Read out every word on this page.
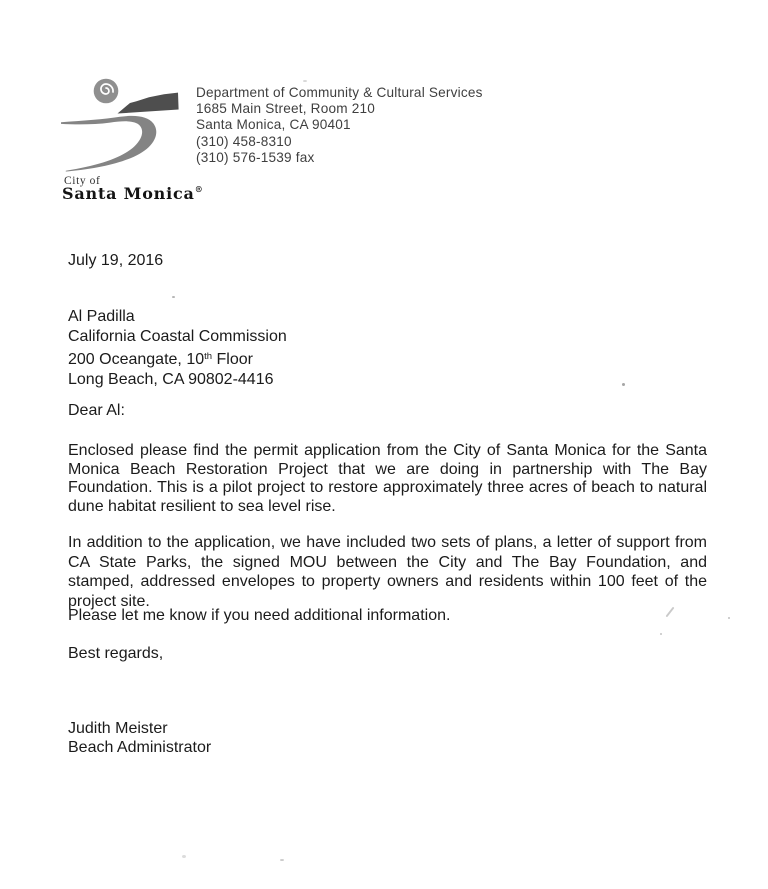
City of
Santa Monica®
Department of Community & Cultural Services
1685 Main Street, Room 210
Santa Monica, CA 90401
(310) 458-8310
(310) 576-1539 fax
July 19, 2016
Al Padilla
California Coastal Commission
200 Oceangate, 10th Floor
Long Beach, CA 90802-4416
Dear Al:

Enclosed please find the permit application from the City of Santa Monica for the Santa Monica Beach Restoration Project that we are doing in partnership with The Bay Foundation. This is a pilot project to restore approximately three acres of beach to natural dune habitat resilient to sea level rise.

In addition to the application, we have included two sets of plans, a letter of support from CA State Parks, the signed MOU between the City and The Bay Foundation, and stamped, addressed envelopes to property owners and residents within 100 feet of the project site.

Please let me know if you need additional information.

Best regards,
Judith Meister
Beach Administrator
